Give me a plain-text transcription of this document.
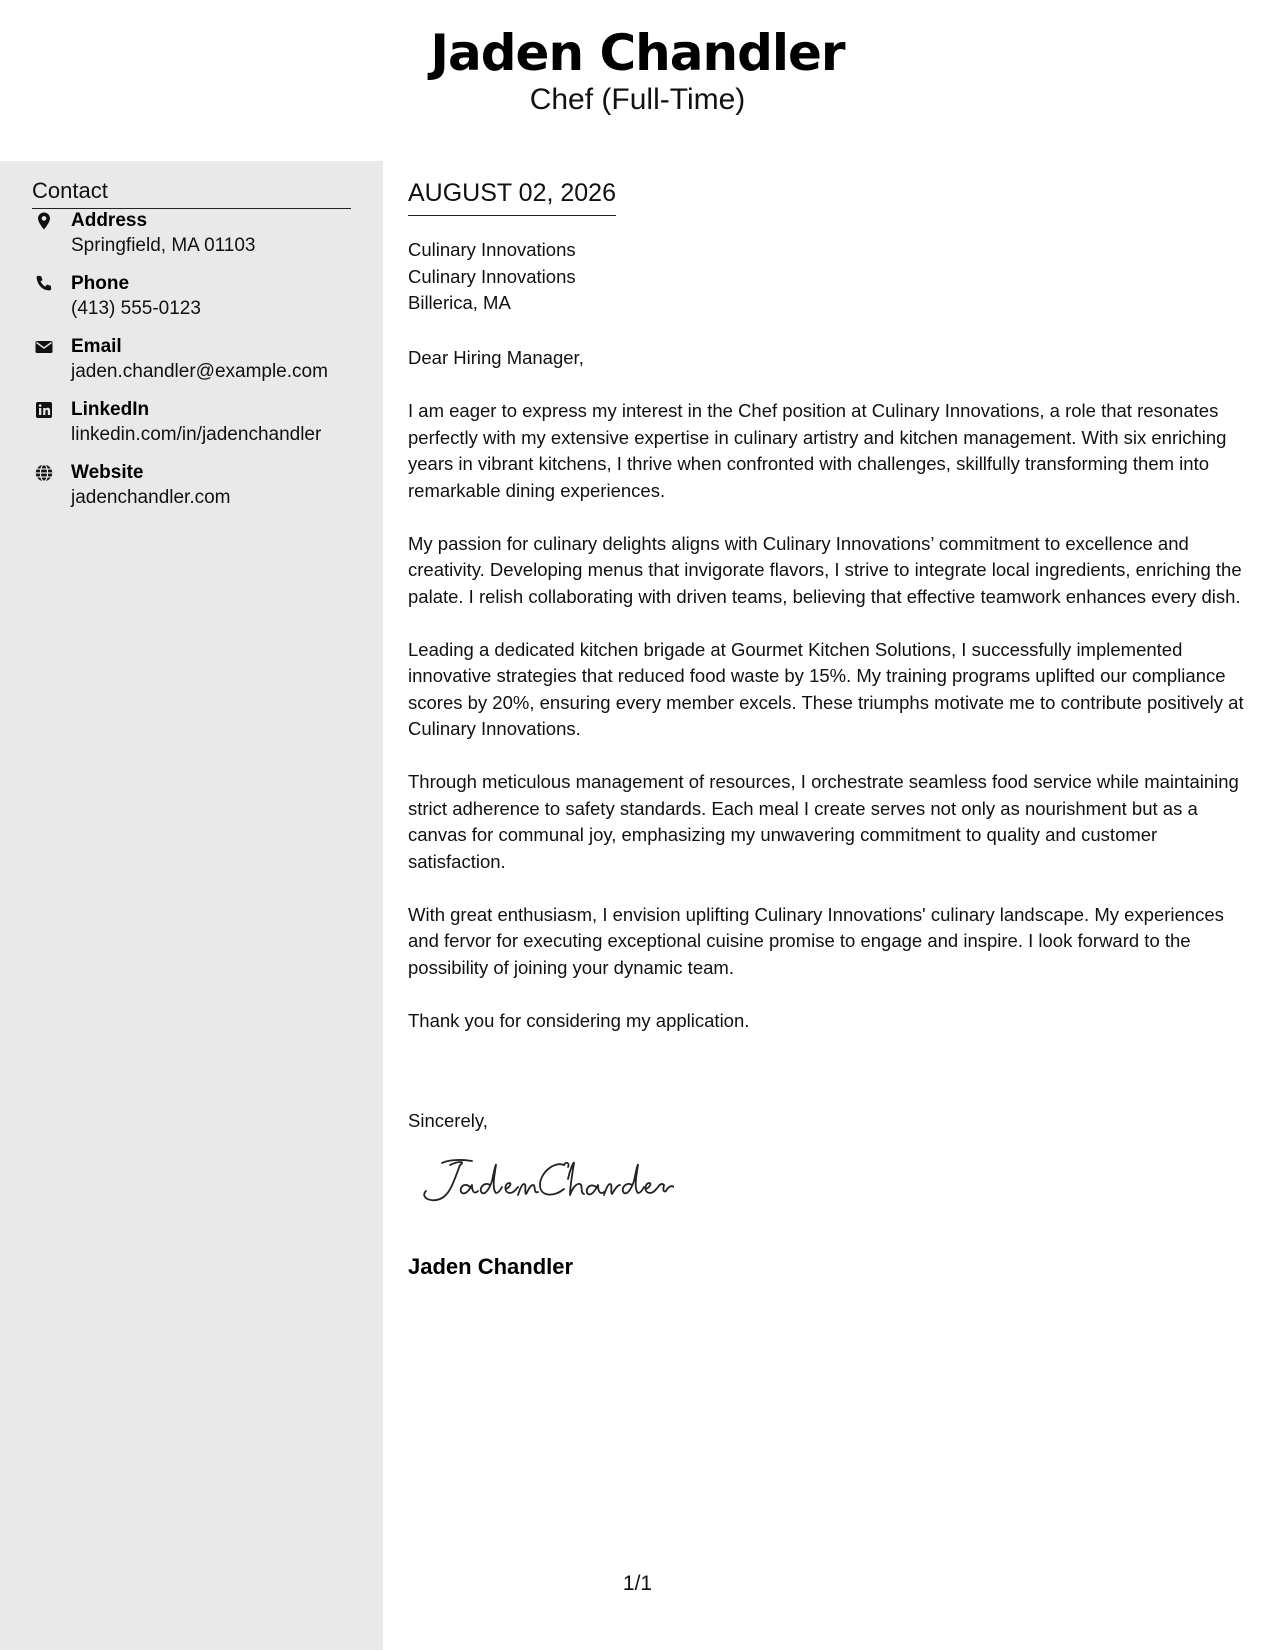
Jaden Chandler
Chef (Full-Time)
Contact
Address
Springfield, MA 01103
Phone
(413) 555-0123
Email
jaden.chandler@example.com
LinkedIn
linkedin.com/in/jadenchandler
Website
jadenchandler.com
AUGUST 02, 2026
Culinary Innovations
Culinary Innovations
Billerica, MA

Dear Hiring Manager,

I am eager to express my interest in the Chef position at Culinary Innovations, a role that resonates perfectly with my extensive expertise in culinary artistry and kitchen management. With six enriching years in vibrant kitchens, I thrive when confronted with challenges, skillfully transforming them into remarkable dining experiences.

My passion for culinary delights aligns with Culinary Innovations’ commitment to excellence and creativity. Developing menus that invigorate flavors, I strive to integrate local ingredients, enriching the palate. I relish collaborating with driven teams, believing that effective teamwork enhances every dish.

Leading a dedicated kitchen brigade at Gourmet Kitchen Solutions, I successfully implemented innovative strategies that reduced food waste by 15%. My training programs uplifted our compliance scores by 20%, ensuring every member excels. These triumphs motivate me to contribute positively at Culinary Innovations.

Through meticulous management of resources, I orchestrate seamless food service while maintaining strict adherence to safety standards. Each meal I create serves not only as nourishment but as a canvas for communal joy, emphasizing my unwavering commitment to quality and customer satisfaction.

With great enthusiasm, I envision uplifting Culinary Innovations' culinary landscape. My experiences and fervor for executing exceptional cuisine promise to engage and inspire. I look forward to the possibility of joining your dynamic team.

Thank you for considering my application.

Sincerely,
Jaden Chandler
1/1
